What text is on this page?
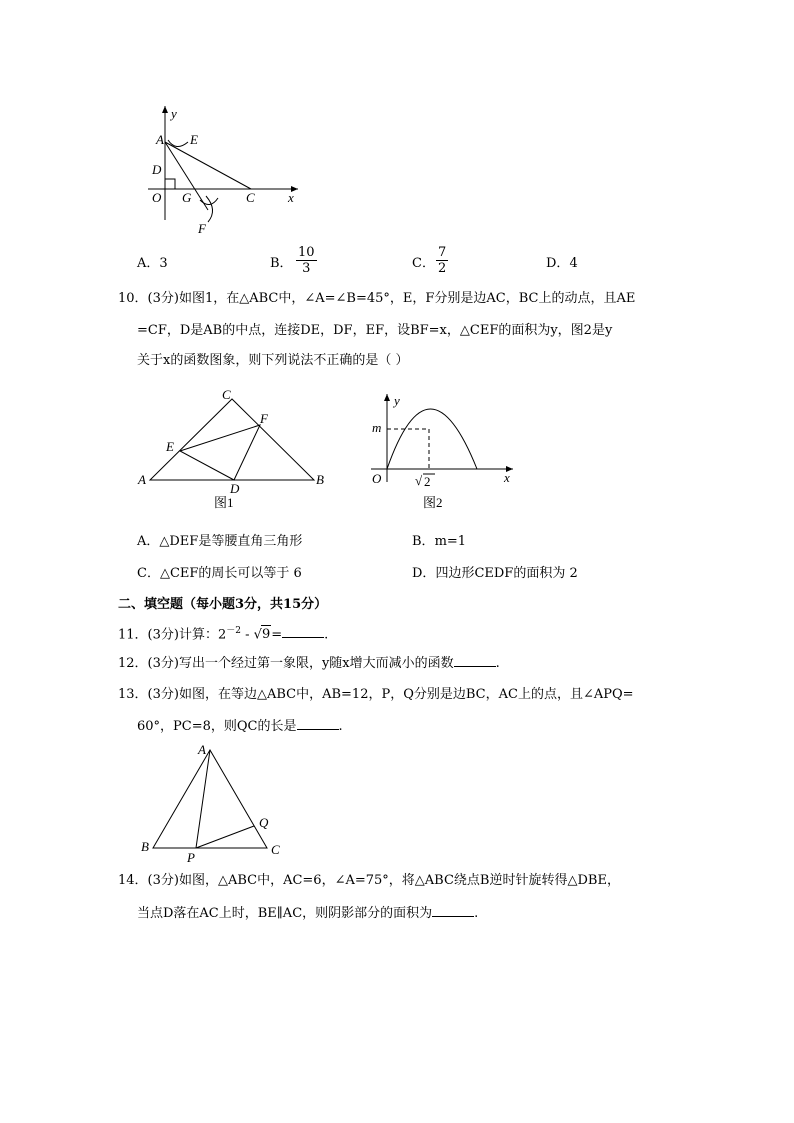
y
x
A E
D
O G	C
F
A．3	B． $\frac{10}{3}$	C． $\frac{7}{2}$	D．4
10．(3分)如图1，在△ABC中，∠A=∠B=45°，E，F分别是边AC，BC上的动点，且AE
=CF，D是AB的中点，连接DE，DF，EF，设BF=x，△CEF的面积为y，图2是y
关于x的函数图象，则下列说法不正确的是（ ）
A	B
C
D
E
F
图1
y
x
m
O	√ 2
图2
A．△DEF是等腰直角三角形	B．m=1
C．△CEF的周长可以等于 6	D．四边形CEDF的面积为 2
二、填空题（每小题3分，共15分）
11．(3分)计算：$2^{-2} - √9=$	.
12．(3分)写出一个经过第一象限，y随x增大而减小的函数	.
13．(3分)如图，在等边△ABC中，AB=12，P，Q分别是边BC，AC上的点，且∠APQ=
60°，PC=8，则QC的长是	.
A
B	C
P
Q
14．(3分)如图，△ABC中，AC=6，∠A=75°，将△ABC绕点B逆时针旋转得△DBE，
当点D落在AC上时，BE∥AC，则阴影部分的面积为	.
